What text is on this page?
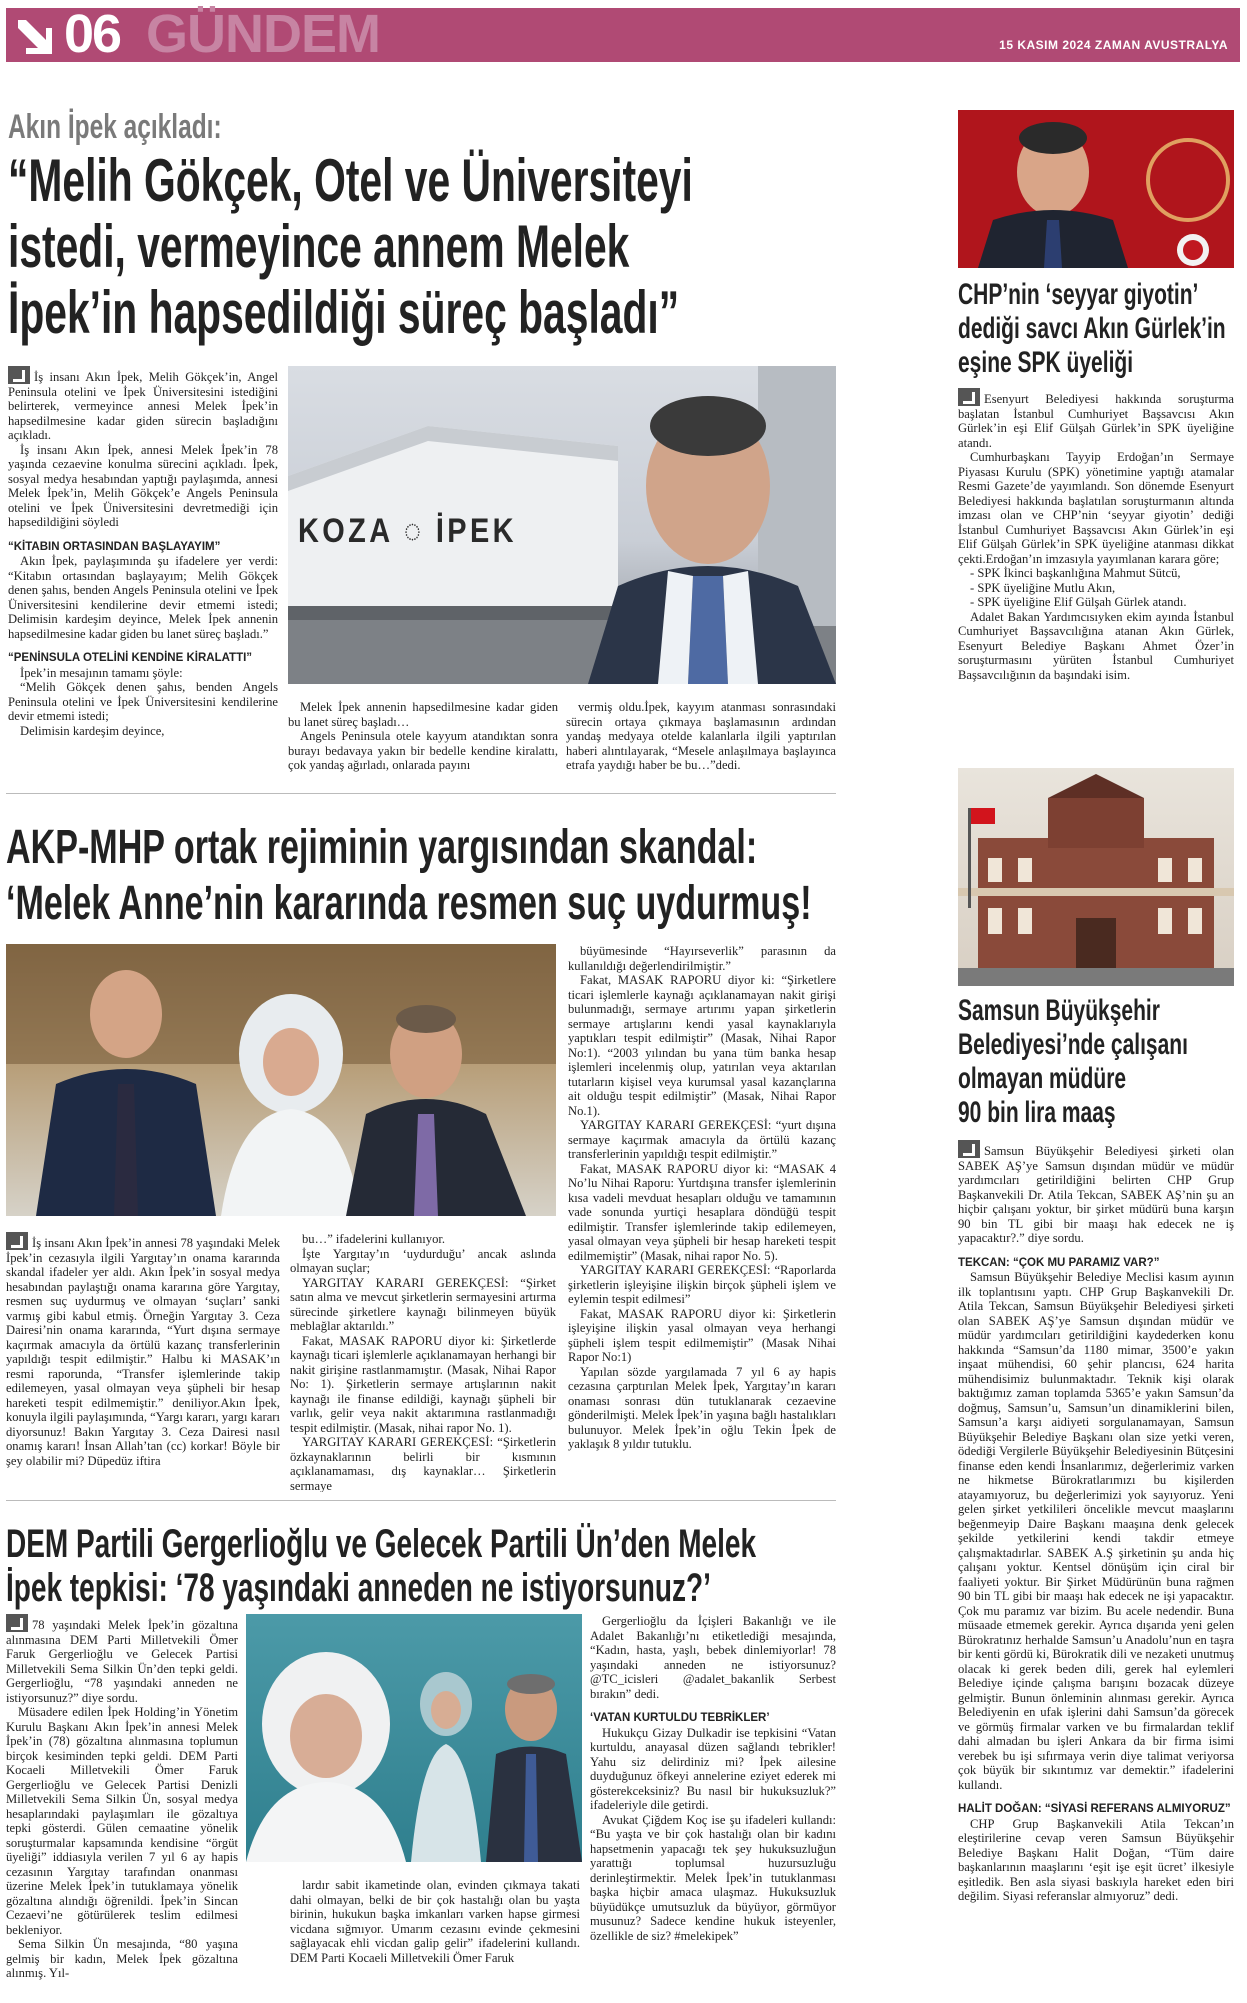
06 GÜNDEM	15 KASIM 2024 ZAMAN AVUSTRALYA
Akın İpek açıkladı:
“Melih Gökçek, Otel ve Üniversiteyi
istedi, vermeyince annem Melek
İpek’in hapsedildiği süreç başladı”

İş insanı Akın İpek, Melih Gökçek’in, Angel Peninsula otelini ve İpek Üniversitesini istediğini belirterek, vermeyince annesi Melek İpek’in hapsedilmesine kadar giden sürecin başladığını açıkladı.

İş insanı Akın İpek, annesi Melek İpek’in 78 yaşında cezaevine konulma sürecini açıkladı. İpek, sosyal medya hesabından yaptığı paylaşımda, annesi Melek İpek’in, Melih Gökçek’e Angels Peninsula otelini ve İpek Üniversitesini devretmediği için hapsedildiğini söyledi

“KİTABIN ORTASINDAN BAŞLAYAYIM”

Akın İpek, paylaşımında şu ifadelere yer verdi: “Kitabın ortasından başlayayım; Melih Gökçek denen şahıs, benden Angels Peninsula otelini ve İpek Üniversitesini kendilerine devir etmemi istedi; Delimisin kardeşim deyince, Melek İpek annenin hapsedilmesine kadar giden bu lanet süreç başladı.”

“PENİNSULA OTELİNİ KENDİNE KİRALATTI”

İpek’in mesajının tamamı şöyle:

“Melih Gökçek denen şahıs, benden Angels Peninsula otelini ve İpek Üniversitesini kendilerine devir etmemi istedi;

Delimisin kardeşim deyince,

KOZA ◌ İPEK

Melek İpek annenin hapsedilmesine kadar giden bu lanet süreç başladı…

Angels Peninsula otele kayyum atandıktan sonra burayı bedavaya yakın bir bedelle kendine kiralattı, çok yandaş ağırladı, onlarada payını

vermiş oldu.İpek, kayyım atanması sonrasındaki sürecin ortaya çıkmaya başlamasının ardından yandaş medyaya otelde kalanlarla ilgili yaptırılan haberi alıntılayarak, “Mesele anlaşılmaya başlayınca etrafa yaydığı haber be bu…”dedi.

AKP-MHP ortak rejiminin yargısından skandal:
‘Melek Anne’nin kararında resmen suç uydurmuş!

İş insanı Akın İpek’in annesi 78 yaşındaki Melek İpek’in cezasıyla ilgili Yargıtay’ın onama kararında skandal ifadeler yer aldı. Akın İpek’in sosyal medya hesabından paylaştığı onama kararına göre Yargıtay, resmen suç uydurmuş ve olmayan ‘suçları’ sanki varmış gibi kabul etmiş. Örneğin Yargıtay 3. Ceza Dairesi’nin onama kararında, “Yurt dışına sermaye kaçırmak amacıyla da örtülü kazanç transferlerinin yapıldığı tespit edilmiştir.” Halbu ki MASAK’ın resmi raporunda, “Transfer işlemlerinde takip edilemeyen, yasal olmayan veya şüpheli bir hesap hareketi tespit edilmemiştir.” deniliyor.Akın İpek, konuyla ilgili paylaşımında, “Yargı kararı, yargı kararı diyorsunuz! Bakın Yargıtay 3. Ceza Dairesi nasıl onamış kararı! İnsan Allah’tan (cc) korkar! Böyle bir şey olabilir mi? Düpedüz iftira

bu…” ifadelerini kullanıyor.

İşte Yargıtay’ın ‘uydurduğu’ ancak aslında olmayan suçlar;

YARGITAY KARARI GEREKÇESİ: “Şirket satın alma ve mevcut şirketlerin sermayesini artırma sürecinde şirketlere kaynağı bilinmeyen büyük meblağlar aktarıldı.”

Fakat, MASAK RAPORU diyor ki: Şirketlerde kaynağı ticari işlemlerle açıklanamayan herhangi bir nakit girişine rastlanmamıştır. (Masak, Nihai Rapor No: 1). Şirketlerin sermaye artışlarının nakit kaynağı ile finanse edildiği, kaynağı şüpheli bir varlık, gelir veya nakit aktarımına rastlanmadığı tespit edilmiştir. (Masak, nihai rapor No. 1).

YARGITAY KARARI GEREKÇESİ: “Şirketlerin özkaynaklarının belirli bir kısmının açıklanamaması, dış kaynaklar… Şirketlerin sermaye

büyümesinde “Hayırseverlik” parasının da kullanıldığı değerlendirilmiştir.”

Fakat, MASAK RAPORU diyor ki: “Şirketlere ticari işlemlerle kaynağı açıklanamayan nakit girişi bulunmadığı, sermaye artırımı yapan şirketlerin sermaye artışlarını kendi yasal kaynaklarıyla yaptıkları tespit edilmiştir” (Masak, Nihai Rapor No:1). “2003 yılından bu yana tüm banka hesap işlemleri incelenmiş olup, yatırılan veya aktarılan tutarların kişisel veya kurumsal yasal kazançlarına ait olduğu tespit edilmiştir” (Masak, Nihai Rapor No.1).

YARGITAY KARARI GEREKÇESİ: “yurt dışına sermaye kaçırmak amacıyla da örtülü kazanç transferlerinin yapıldığı tespit edilmiştir.”

Fakat, MASAK RAPORU diyor ki: “MASAK 4 No’lu Nihai Raporu: Yurtdışına transfer işlemlerinin kısa vadeli mevduat hesapları olduğu ve tamamının vade sonunda yurtiçi hesaplara döndüğü tespit edilmiştir. Transfer işlemlerinde takip edilemeyen, yasal olmayan veya şüpheli bir hesap hareketi tespit edilmemiştir” (Masak, nihai rapor No. 5).

YARGITAY KARARI GEREKÇESİ: “Raporlarda şirketlerin işleyişine ilişkin birçok şüpheli işlem ve eylemin tespit edilmesi”

Fakat, MASAK RAPORU diyor ki: Şirketlerin işleyişine ilişkin yasal olmayan veya herhangi şüpheli işlem tespit edilmemiştir” (Masak Nihai Rapor No:1)

Yapılan sözde yargılamada 7 yıl 6 ay hapis cezasına çarptırılan Melek İpek, Yargıtay’ın kararı onaması sonrası dün tutuklanarak cezaevine gönderilmişti. Melek İpek’in yaşına bağlı hastalıkları bulunuyor. Melek İpek’in oğlu Tekin İpek de yaklaşık 8 yıldır tutuklu.

DEM Partili Gergerlioğlu ve Gelecek Partili Ün’den Melek
İpek tepkisi: ‘78 yaşındaki anneden ne istiyorsunuz?’

78 yaşındaki Melek İpek’in gözaltına alınmasına DEM Parti Milletvekili Ömer Faruk Gergerlioğlu ve Gelecek Partisi Milletvekili Sema Silkin Ün’den tepki geldi. Gergerlioğlu, “78 yaşındaki anneden ne istiyorsunuz?” diye sordu.

Müsadere edilen İpek Holding’in Yönetim Kurulu Başkanı Akın İpek’in annesi Melek İpek’in (78) gözaltına alınmasına toplumun birçok kesiminden tepki geldi. DEM Parti Kocaeli Milletvekili Ömer Faruk Gergerlioğlu ve Gelecek Partisi Denizli Milletvekili Sema Silkin Ün, sosyal medya hesaplarındaki paylaşımları ile gözaltıya tepki gösterdi. Gülen cemaatine yönelik soruşturmalar kapsamında kendisine “örgüt üyeliği” iddiasıyla verilen 7 yıl 6 ay hapis cezasının Yargıtay tarafından onanması üzerine Melek İpek’in tutuklamaya yönelik gözaltına alındığı öğrenildi. İpek’in Sincan Cezaevi’ne götürülerek teslim edilmesi bekleniyor.

Sema Silkin Ün mesajında, “80 yaşına gelmiş bir kadın, Melek İpek gözaltına alınmış. Yıl-

lardır sabit ikametinde olan, evinden çıkmaya takati dahi olmayan, belki de bir çok hastalığı olan bu yaşta birinin, hukukun başka imkanları varken hapse girmesi vicdana sığmıyor. Umarım cezasını evinde çekmesini sağlayacak ehli vicdan galip gelir” ifadelerini kullandı. DEM Parti Kocaeli Milletvekili Ömer Faruk

Gergerlioğlu da İçişleri Bakanlığı ve ile Adalet Bakanlığı’nı etiketlediği mesajında, “Kadın, hasta, yaşlı, bebek dinlemiyorlar! 78 yaşındaki anneden ne istiyorsunuz? @TC_icisleri @adalet_bakanlik Serbest bırakın” dedi.

‘VATAN KURTULDU TEBRİKLER’

Hukukçu Gizay Dulkadir ise tepkisini “Vatan kurtuldu, anayasal düzen sağlandı tebrikler! Yahu siz delirdiniz mi? İpek ailesine duyduğunuz öfkeyi annelerine eziyet ederek mi gösterekceksiniz? Bu nasıl bir hukuksuzluk?” ifadeleriyle dile getirdi.

Avukat Çiğdem Koç ise şu ifadeleri kullandı: “Bu yaşta ve bir çok hastalığı olan bir kadını hapsetmenin yapacağı tek şey hukuksuzluğun yarattığı toplumsal huzursuzluğu derinleştirmektir. Melek İpek’in tutuklanması başka hiçbir amaca ulaşmaz. Hukuksuzluk büyüdükçe umutsuzluk da büyüyor, görmüyor musunuz? Sadece kendine hukuk isteyenler, özellikle de siz? #melekipek”

CHP’nin ‘seyyar giyotin’
dediği savcı Akın Gürlek’in
eşine SPK üyeliği

Esenyurt Belediyesi hakkında soruşturma başlatan İstanbul Cumhuriyet Başsavcısı Akın Gürlek’in eşi Elif Gülşah Gürlek’in SPK üyeliğine atandı.

Cumhurbaşkanı Tayyip Erdoğan’ın Sermaye Piyasası Kurulu (SPK) yönetimine yaptığı atamalar Resmi Gazete’de yayımlandı. Son dönemde Esenyurt Belediyesi hakkında başlatılan soruşturmanın altında imzası olan ve CHP’nin ‘seyyar giyotin’ dediği İstanbul Cumhuriyet Başsavcısı Akın Gürlek’in eşi Elif Gülşah Gürlek’in SPK üyeliğine atanması dikkat çekti.Erdoğan’ın imzasıyla yayımlanan karara göre;

- SPK İkinci başkanlığına Mahmut Sütcü,

- SPK üyeliğine Mutlu Akın,

- SPK üyeliğine Elif Gülşah Gürlek atandı.

Adalet Bakan Yardımcısıyken ekim ayında İstanbul Cumhuriyet Başsavcılığına atanan Akın Gürlek, Esenyurt Belediye Başkanı Ahmet Özer’in soruşturmasını yürüten İstanbul Cumhuriyet Başsavcılığının da başındaki isim.

Samsun Büyükşehir
Belediyesi’nde çalışanı
olmayan müdüre
90 bin lira maaş

Samsun Büyükşehir Belediyesi şirketi olan SABEK AŞ’ye Samsun dışından müdür ve müdür yardımcıları getirildiğini belirten CHP Grup Başkanvekili Dr. Atila Tekcan, SABEK AŞ’nin şu an hiçbir çalışanı yoktur, bir şirket müdürü buna karşın 90 bin TL gibi bir maaşı hak edecek ne iş yapacaktır?.” diye sordu.

TEKCAN: “ÇOK MU PARAMIZ VAR?”

Samsun Büyükşehir Belediye Meclisi kasım ayının ilk toplantısını yaptı. CHP Grup Başkanvekili Dr. Atila Tekcan, Samsun Büyükşehir Belediyesi şirketi olan SABEK AŞ’ye Samsun dışından müdür ve müdür yardımcıları getirildiğini kaydederken konu hakkında “Samsun’da 1180 mimar, 3500’e yakın inşaat mühendisi, 60 şehir plancısı, 624 harita mühendisimiz bulunmaktadır. Teknik kişi olarak baktığımız zaman toplamda 5365’e yakın Samsun’da doğmuş, Samsun’u, Samsun’un dinamiklerini bilen, Samsun’a karşı aidiyeti sorgulanamayan, Samsun Büyükşehir Belediye Başkanı olan size yetki veren, ödediği Vergilerle Büyükşehir Belediyesinin Bütçesini finanse eden kendi İnsanlarımız, değerlerimiz varken ne hikmetse Bürokratlarımızı bu kişilerden atayamıyoruz, bu değerlerimizi yok sayıyoruz. Yeni gelen şirket yetkilileri öncelikle mevcut maaşlarını beğenmeyip Daire Başkanı maaşına denk gelecek şekilde yetkilerini kendi takdir etmeye çalışmaktadırlar. SABEK A.Ş şirketinin şu anda hiç çalışanı yoktur. Kentsel dönüşüm için ciral bir faaliyeti yoktur. Bir Şirket Müdürünün buna rağmen 90 bin TL gibi bir maaşı hak edecek ne işi yapacaktır. Çok mu paramız var bizim. Bu acele nedendir. Buna müsaade etmemek gerekir. Ayrıca dışarıda yeni gelen Bürokratınız herhalde Samsun’u Anadolu’nun en taşra bir kenti gördü ki, Bürokratik dili ve nezaketi unutmuş olacak ki gerek beden dili, gerek hal eylemleri Belediye içinde çalışma barışını bozacak düzeye gelmiştir. Bunun önleminin alınması gerekir. Ayrıca Belediyenin en ufak işlerini dahi Samsun’da görecek ve görmüş firmalar varken ve bu firmalardan teklif dahi almadan bu işleri Ankara da bir firma isimi verebek bu işi sıfırmaya verin diye talimat veriyorsa çok büyük bir sıkıntımız var demektir.” ifadelerini kullandı.

HALİT DOĞAN: “SİYASİ REFERANS ALMIYORUZ”

CHP Grup Başkanvekili Atila Tekcan’ın eleştirilerine cevap veren Samsun Büyükşehir Belediye Başkanı Halit Doğan, “Tüm daire başkanlarının maaşlarını ‘eşit işe eşit ücret’ ilkesiyle eşitledik. Ben asla siyasi baskıyla hareket eden biri değilim. Siyasi referanslar almıyoruz” dedi.
